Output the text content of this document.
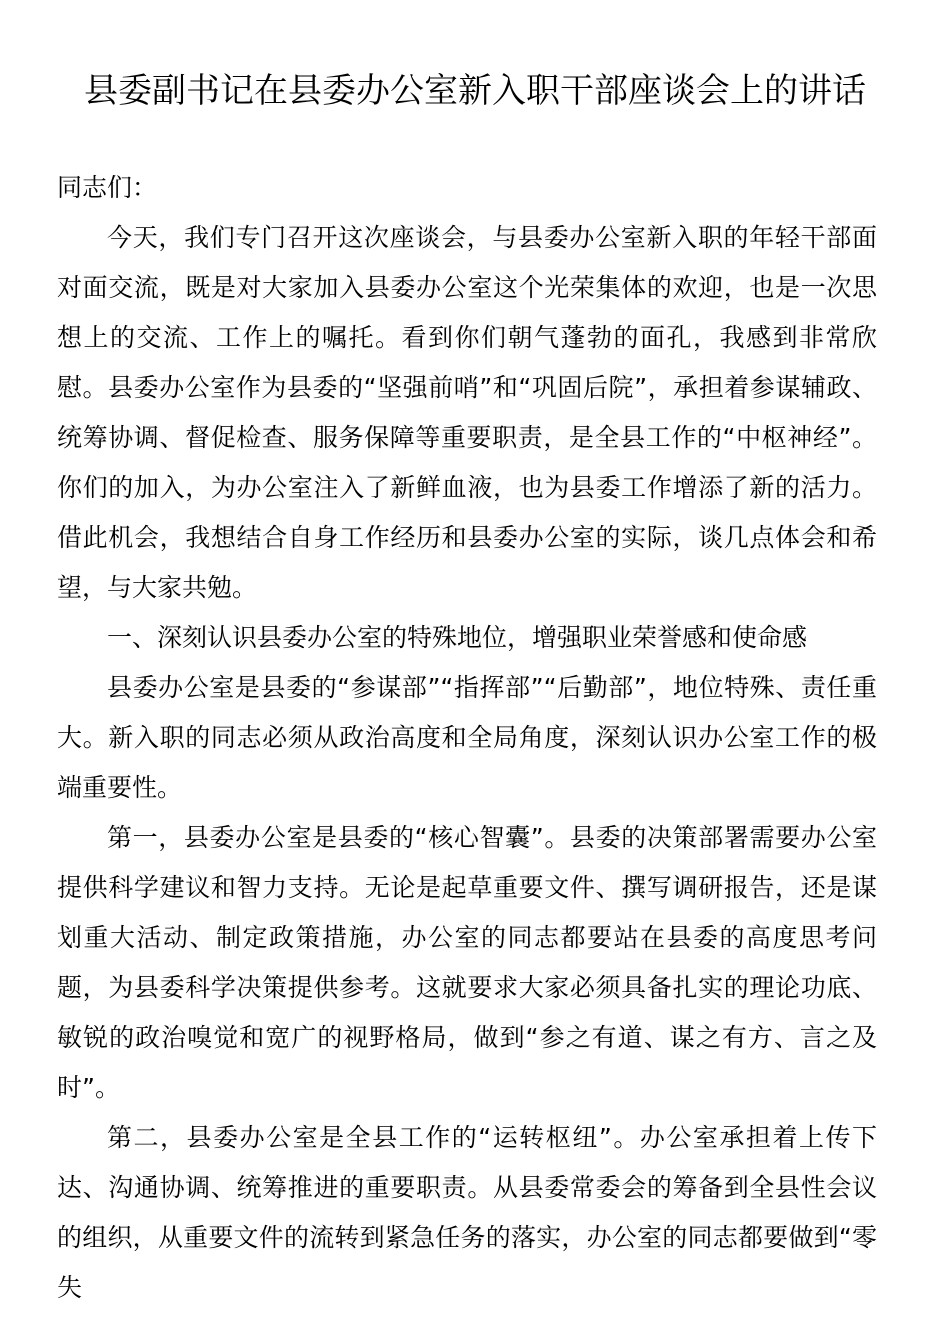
县委副书记在县委办公室新入职干部座谈会上的讲话

同志们：

今天，我们专门召开这次座谈会，与县委办公室新入职的年轻干部面对面交流，既是对大家加入县委办公室这个光荣集体的欢迎，也是一次思想上的交流、工作上的嘱托。看到你们朝气蓬勃的面孔，我感到非常欣慰。县委办公室作为县委的“坚强前哨”和“巩固后院”，承担着参谋辅政、统筹协调、督促检查、服务保障等重要职责，是全县工作的“中枢神经”。你们的加入，为办公室注入了新鲜血液，也为县委工作增添了新的活力。借此机会，我想结合自身工作经历和县委办公室的实际，谈几点体会和希望，与大家共勉。

一、深刻认识县委办公室的特殊地位，增强职业荣誉感和使命感

县委办公室是县委的“参谋部”“指挥部”“后勤部”，地位特殊、责任重大。新入职的同志必须从政治高度和全局角度，深刻认识办公室工作的极端重要性。

第一，县委办公室是县委的“核心智囊”。县委的决策部署需要办公室提供科学建议和智力支持。无论是起草重要文件、撰写调研报告，还是谋划重大活动、制定政策措施，办公室的同志都要站在县委的高度思考问题，为县委科学决策提供参考。这就要求大家必须具备扎实的理论功底、敏锐的政治嗅觉和宽广的视野格局，做到“参之有道、谋之有方、言之及时”。

第二，县委办公室是全县工作的“运转枢纽”。办公室承担着上传下达、沟通协调、统筹推进的重要职责。从县委常委会的筹备到全县性会议的组织，从重要文件的流转到紧急任务的落实，办公室的同志都要做到“零失
